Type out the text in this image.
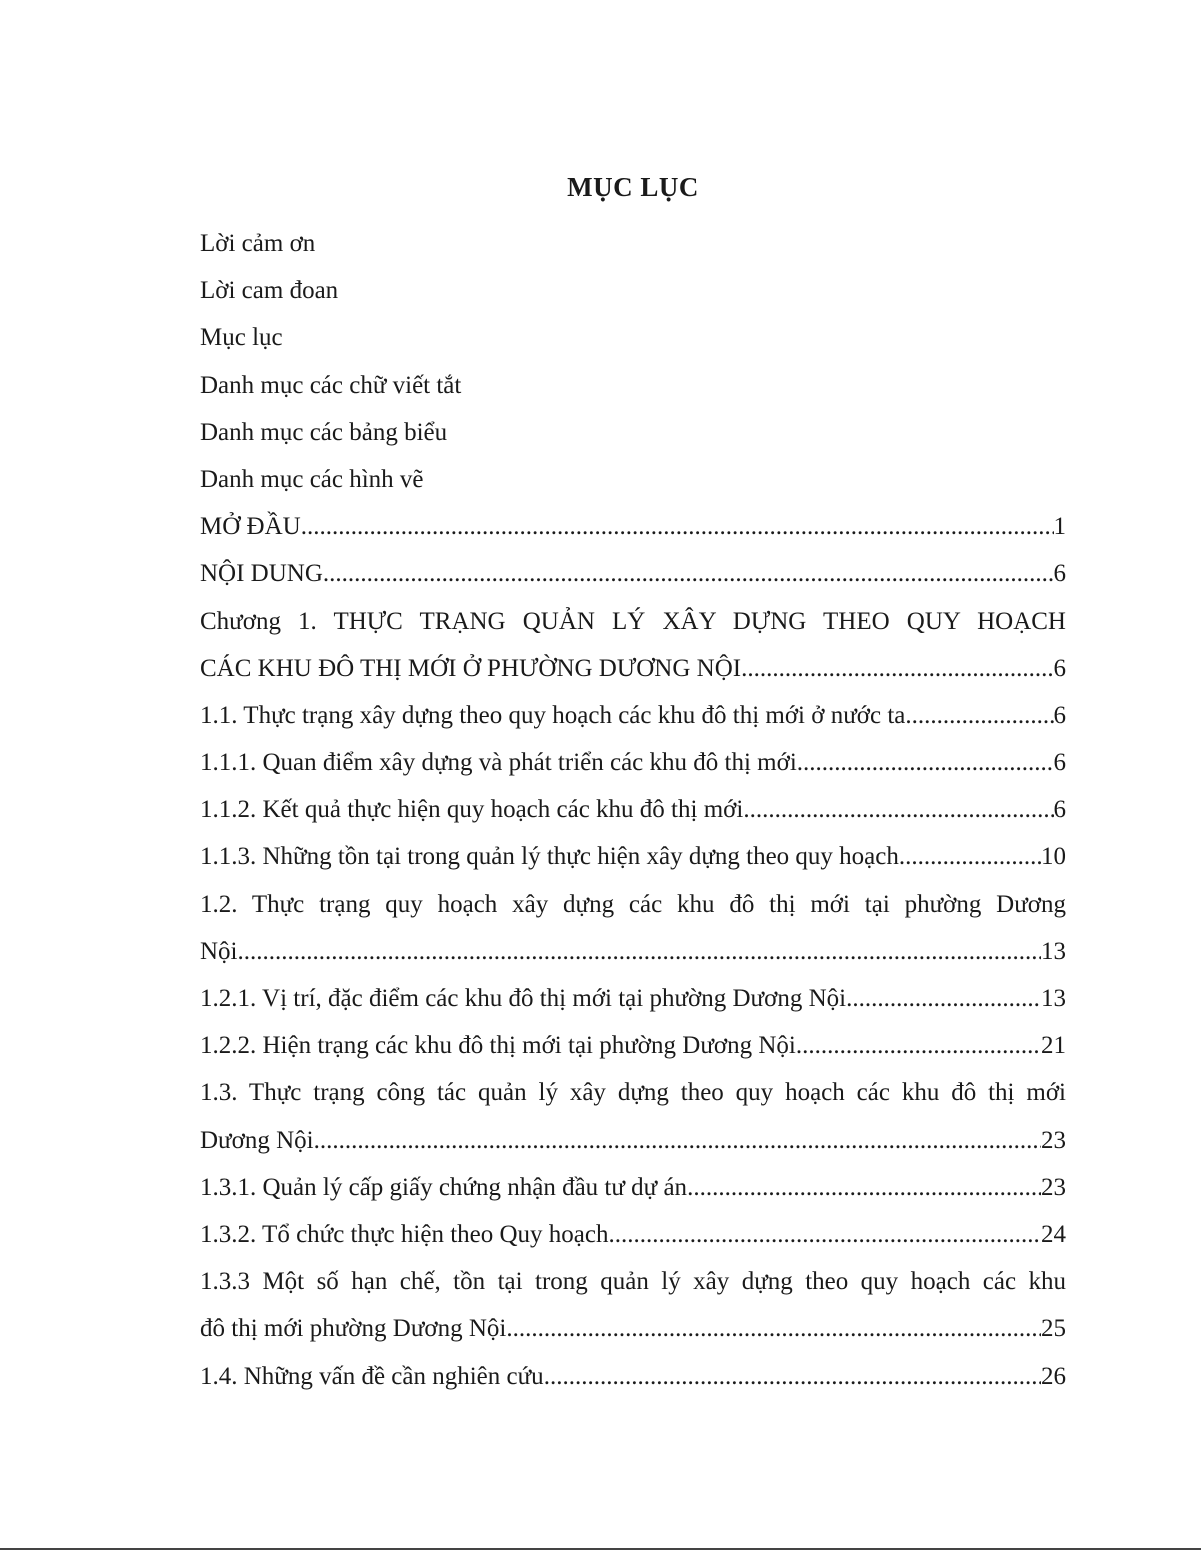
MỤC LỤC
Lời cảm ơn
Lời cam đoan
Mục lục
Danh mục các chữ viết tắt
Danh mục các bảng biểu
Danh mục các hình vẽ
MỞ ĐẦU .....	1
NỘI DUNG .....	6
Chương 1. THỰC TRẠNG QUẢN LÝ XÂY DỰNG THEO QUY HOẠCH
CÁC KHU ĐÔ THỊ MỚI Ở PHƯỜNG DƯƠNG NỘI .....	6
1.1. Thực trạng xây dựng theo quy hoạch các khu đô thị mới ở nước ta .....	6
1.1.1. Quan điểm xây dựng và phát triển các khu đô thị mới .....	6
1.1.2. Kết quả thực hiện quy hoạch các khu đô thị mới .....	6
1.1.3. Những tồn tại trong quản lý thực hiện xây dựng theo quy hoạch .....	10
1.2. Thực trạng quy hoạch xây dựng các khu đô thị mới tại phường Dương
Nội .....	13
1.2.1. Vị trí, đặc điểm các khu đô thị mới tại phường Dương Nội .....	13
1.2.2. Hiện trạng các khu đô thị mới tại phường Dương Nội .....	21
1.3. Thực trạng công tác quản lý xây dựng theo quy hoạch các khu đô thị mới
Dương Nội .....	23
1.3.1. Quản lý cấp giấy chứng nhận đầu tư dự án .....	23
1.3.2. Tổ chức thực hiện theo Quy hoạch .....	24
1.3.3 Một số hạn chế, tồn tại trong quản lý xây dựng theo quy hoạch các khu
đô thị mới phường Dương Nội .....	25
1.4. Những vấn đề cần nghiên cứu .....	26
